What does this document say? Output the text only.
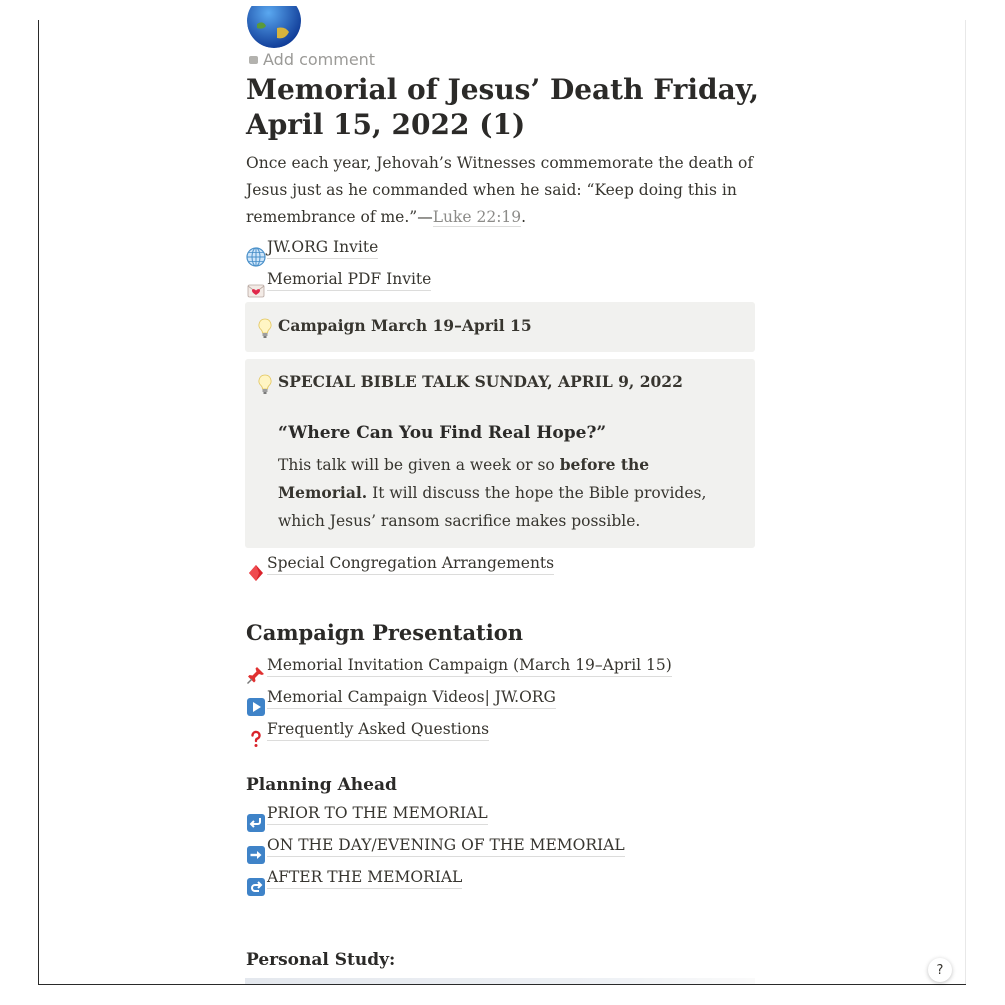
Add comment
Memorial of Jesus’ Death Friday, April 15, 2022 (1)
Once each year, Jehovah’s Witnesses commemorate the death of Jesus just as he commanded when he said: “Keep doing this in remembrance of me.”—Luke 22:19.
JW.ORG Invite
Memorial PDF Invite
Campaign March 19–April 15
SPECIAL BIBLE TALK SUNDAY, APRIL 9, 2022
“Where Can You Find Real Hope?”
This talk will be given a week or so before the Memorial. It will discuss the hope the Bible provides, which Jesus’ ransom sacrifice makes possible.
Special Congregation Arrangements
Campaign Presentation
Memorial Invitation Campaign (March 19–April 15)
Memorial Campaign Videos| JW.ORG
Frequently Asked Questions
Planning Ahead
PRIOR TO THE MEMORIAL
ON THE DAY/EVENING OF THE MEMORIAL
AFTER THE MEMORIAL
Personal Study:	?
